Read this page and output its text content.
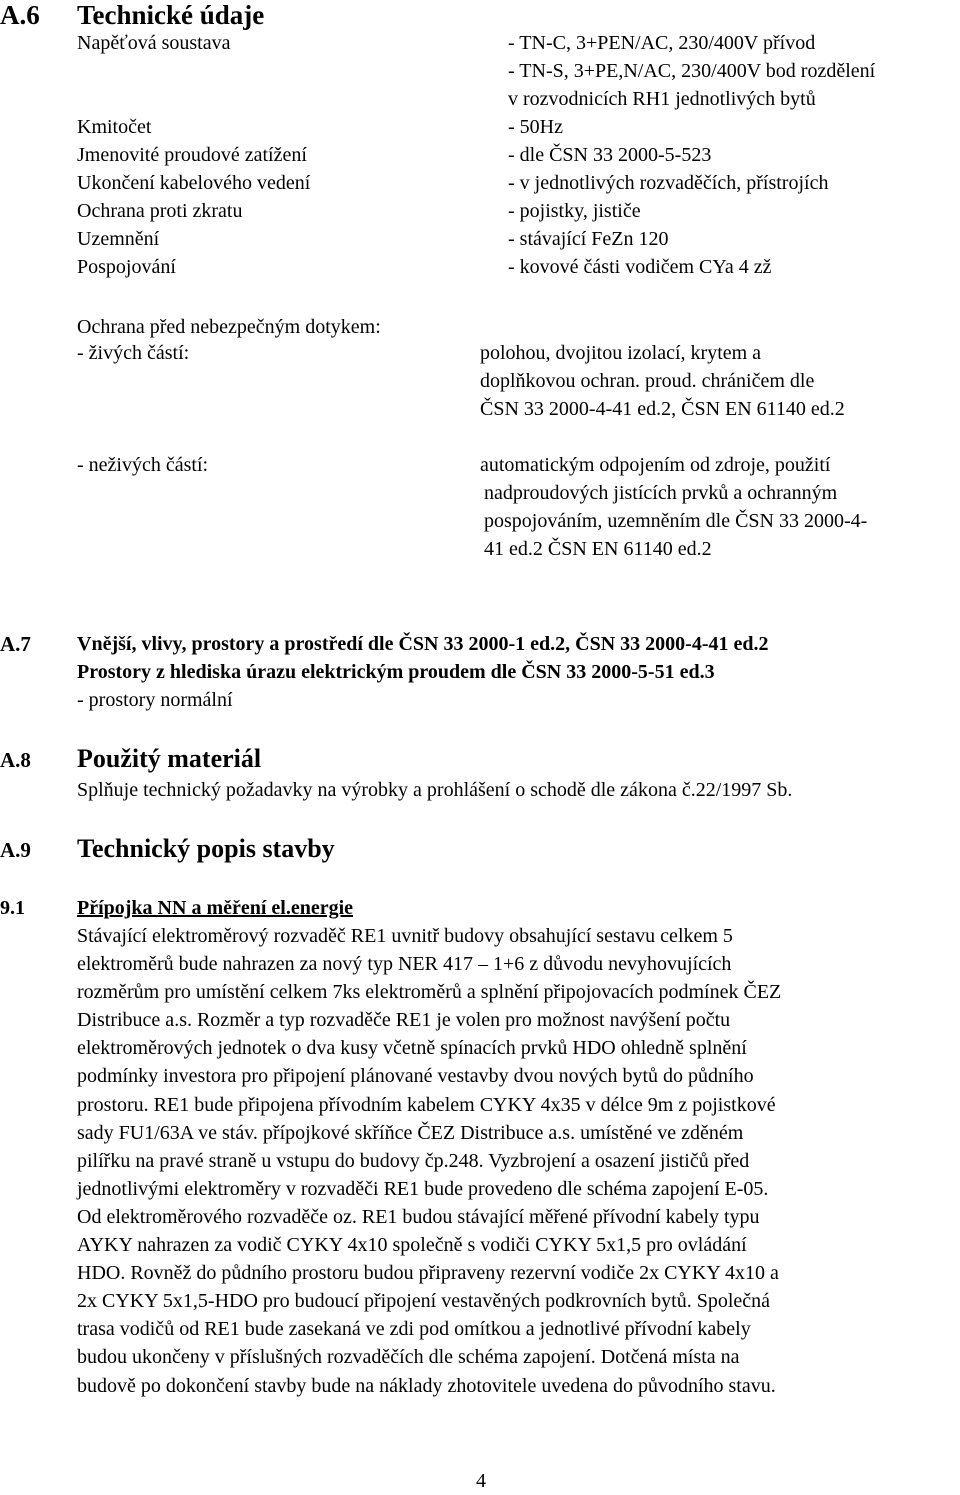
A.6 Technické údaje
Napěťová soustava	- TN-C, 3+PEN/AC, 230/400V přívod
- TN-S, 3+PE,N/AC, 230/400V bod rozdělení
v rozvodnicích RH1 jednotlivých bytů
Kmitočet	- 50Hz
Jmenovité proudové zatížení	- dle ČSN 33 2000-5-523
Ukončení kabelového vedení	- v jednotlivých rozvaděčích, přístrojích
Ochrana proti zkratu	- pojistky, jističe
Uzemnění	- stávající FeZn 120
Pospojování	- kovové části vodičem CYa 4 zž
Ochrana před nebezpečným dotykem:
- živých částí:	polohou, dvojitou izolací, krytem a
doplňkovou ochran. proud. chráničem dle
ČSN 33 2000-4-41 ed.2, ČSN EN 61140 ed.2
- neživých částí:	automatickým odpojením od zdroje, použití
nadproudových jistících prvků a ochranným
pospojováním, uzemněním dle ČSN 33 2000-4-
41 ed.2 ČSN EN 61140 ed.2
A.7 Vnější, vlivy, prostory a prostředí dle ČSN 33 2000-1 ed.2, ČSN 33 2000-4-41 ed.2
Prostory z hlediska úrazu elektrickým proudem dle ČSN 33 2000-5-51 ed.3
- prostory normální
A.8 Použitý materiál
Splňuje technický požadavky na výrobky a prohlášení o schodě dle zákona č.22/1997 Sb.
A.9 Technický popis stavby
9.1	Přípojka NN a měření el.energie
Stávající elektroměrový rozvaděč RE1 uvnitř budovy obsahující sestavu celkem 5
elektroměrů bude nahrazen za nový typ NER 417 – 1+6 z důvodu nevyhovujících
rozměrům pro umístění celkem 7ks elektroměrů a splnění připojovacích podmínek ČEZ
Distribuce a.s. Rozměr a typ rozvaděče RE1 je volen pro možnost navýšení počtu
elektroměrových jednotek o dva kusy včetně spínacích prvků HDO ohledně splnění
podmínky investora pro připojení plánované vestavby dvou nových bytů do půdního
prostoru. RE1 bude připojena přívodním kabelem CYKY 4x35 v délce 9m z pojistkové
sady FU1/63A ve stáv. přípojkové skříňce ČEZ Distribuce a.s. umístěné ve zděném
pilířku na pravé straně u vstupu do budovy čp.248. Vyzbrojení a osazení jističů před
jednotlivými elektroměry v rozvaděči RE1 bude provedeno dle schéma zapojení E-05.
Od elektroměrového rozvaděče oz. RE1 budou stávající měřené přívodní kabely typu
AYKY nahrazen za vodič CYKY 4x10 společně s vodiči CYKY 5x1,5 pro ovládání
HDO. Rovněž do půdního prostoru budou připraveny rezervní vodiče 2x CYKY 4x10 a
2x CYKY 5x1,5-HDO pro budoucí připojení vestavěných podkrovních bytů. Společná
trasa vodičů od RE1 bude zasekaná ve zdi pod omítkou a jednotlivé přívodní kabely
budou ukončeny v příslušných rozvaděčích dle schéma zapojení. Dotčená místa na
budově po dokončení stavby bude na náklady zhotovitele uvedena do původního stavu.
4
